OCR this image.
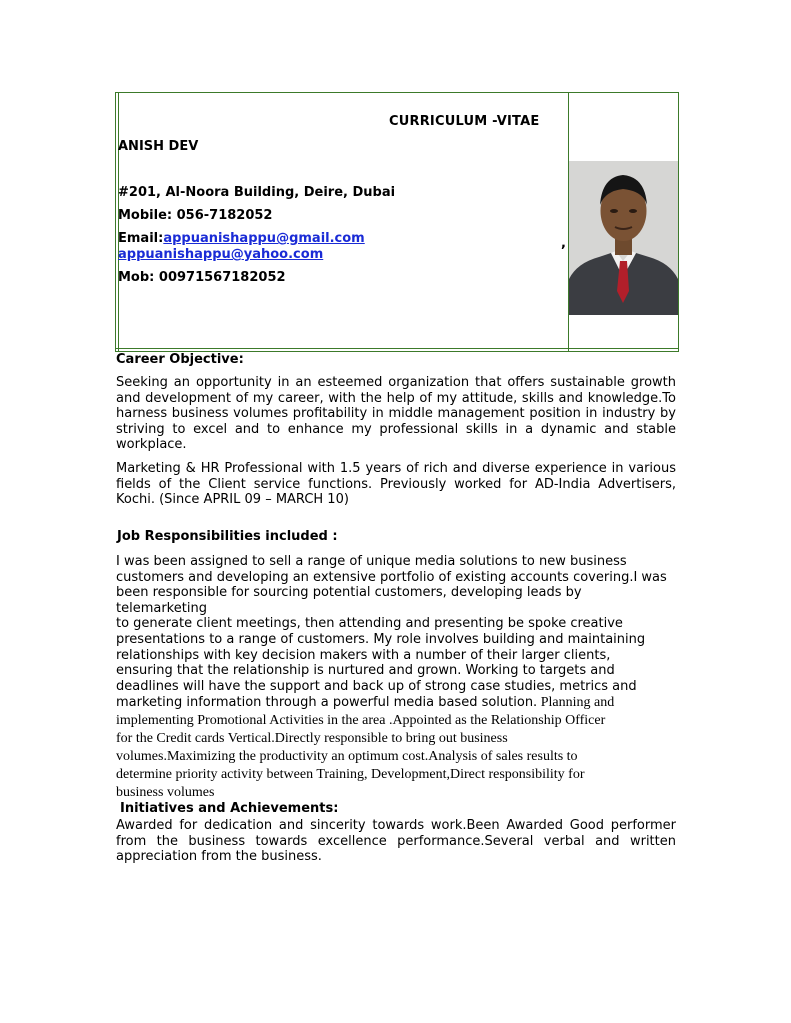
CURRICULUM -VITAE
ANISH DEV
#201, Al-Noora Building, Deire, Dubai
Mobile: 056-7182052
Email:appuanishappu@gmail.com
appuanishappu@yahoo.com
,
Mob: 00971567182052
Career Objective:

Seeking an opportunity in an esteemed organization that offers sustainable growth and development of my career, with the help of my attitude, skills and knowledge.To harness business volumes profitability in middle management position in industry by striving to excel and to enhance my professional skills in a dynamic and stable workplace.

Marketing & HR Professional with 1.5 years of rich and diverse experience in various fields of the Client service functions. Previously worked for AD-India Advertisers, Kochi. (Since APRIL 09 – MARCH 10)

Job Responsibilities included :
I was been assigned to sell a range of unique media solutions to new business
customers and developing an extensive portfolio of existing accounts covering.I was
been responsible for sourcing potential customers, developing leads by telemarketing
to generate client meetings, then attending and presenting be spoke creative
presentations to a range of customers. My role involves building and maintaining
relationships with key decision makers with a number of their larger clients,
ensuring that the relationship is nurtured and grown. Working to targets and
deadlines will have the support and back up of strong case studies, metrics and
marketing information through a powerful media based solution. Planning and
implementing Promotional Activities in the area .Appointed as the Relationship Officer
for the Credit cards Vertical.Directly responsible to bring out business
volumes.Maximizing the productivity an optimum cost.Analysis of sales results to
determine priority activity between Training, Development,Direct responsibility for
business volumes
Initiatives and Achievements:

Awarded for dedication and sincerity towards work.Been Awarded Good performer from the business towards excellence performance.Several verbal and written appreciation from the business.
